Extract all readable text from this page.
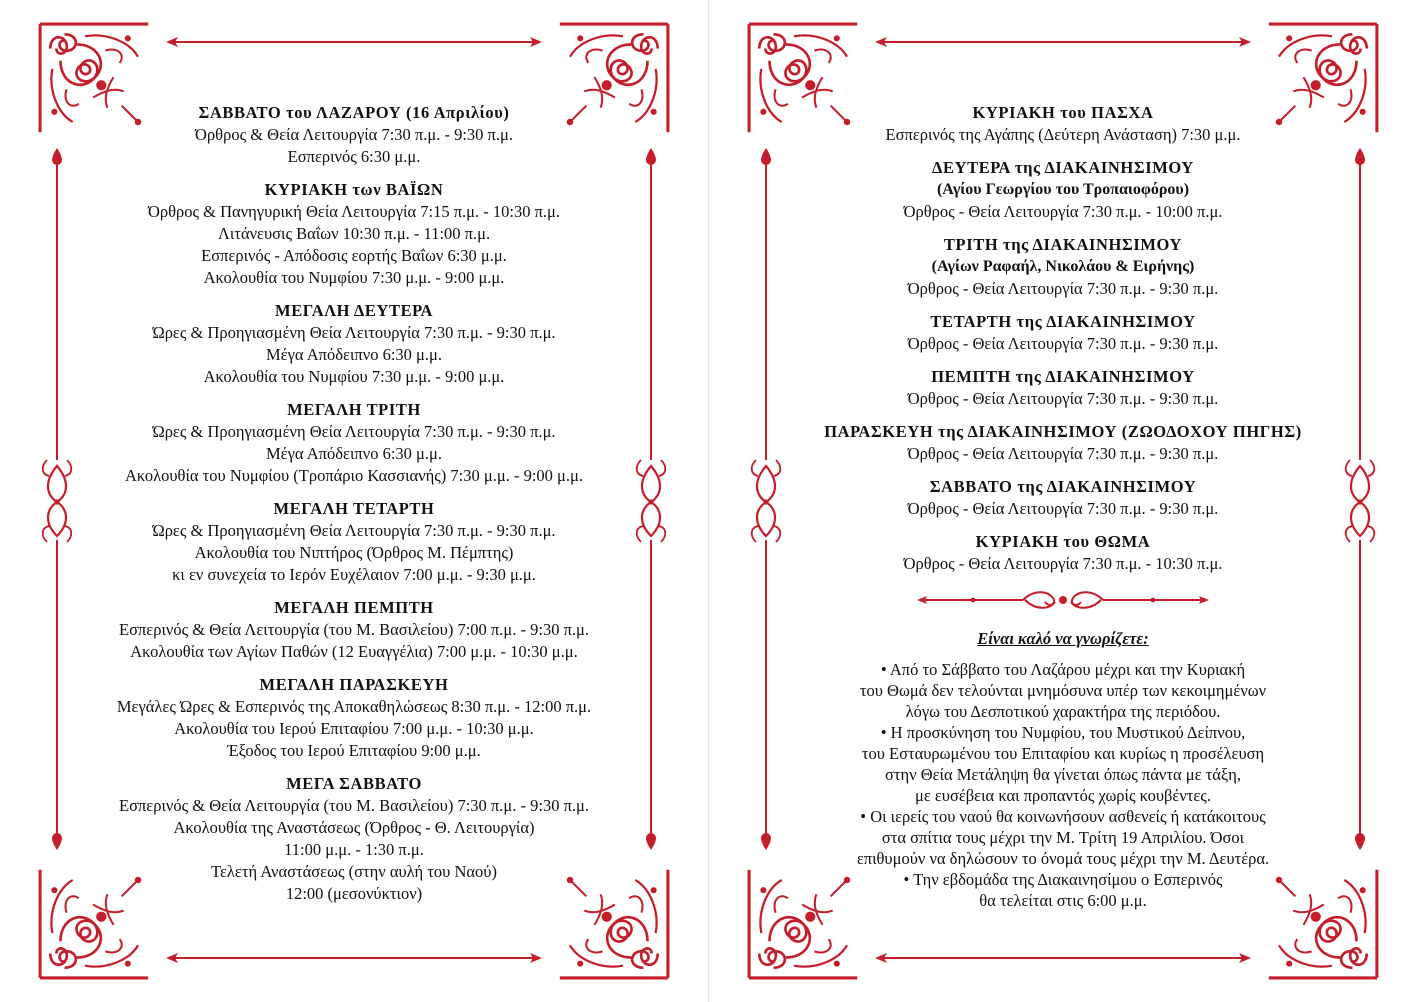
ΣΑΒΒΑΤΟ του ΛΑΖΑΡΟΥ (16 Απριλίου)
Όρθρος & Θεία Λειτουργία 7:30 π.μ. - 9:30 π.μ.
Εσπερινός 6:30 μ.μ.
ΚΥΡΙΑΚΗ των ΒΑΪΩΝ
Όρθρος & Πανηγυρική Θεία Λειτουργία 7:15 π.μ. - 10:30 π.μ.
Λιτάνευσις Βαΐων 10:30 π.μ. - 11:00 π.μ.
Εσπερινός - Απόδοσις εορτής Βαΐων 6:30 μ.μ.
Ακολουθία του Νυμφίου 7:30 μ.μ. - 9:00 μ.μ.
ΜΕΓΑΛΗ ΔΕΥΤΕΡΑ
Ώρες & Προηγιασμένη Θεία Λειτουργία 7:30 π.μ. - 9:30 π.μ.
Μέγα Απόδειπνο 6:30 μ.μ.
Ακολουθία του Νυμφίου 7:30 μ.μ. - 9:00 μ.μ.
ΜΕΓΑΛΗ ΤΡΙΤΗ
Ώρες & Προηγιασμένη Θεία Λειτουργία 7:30 π.μ. - 9:30 π.μ.
Μέγα Απόδειπνο 6:30 μ.μ.
Ακολουθία του Νυμφίου (Τροπάριο Κασσιανής) 7:30 μ.μ. - 9:00 μ.μ.
ΜΕΓΑΛΗ ΤΕΤΑΡΤΗ
Ώρες & Προηγιασμένη Θεία Λειτουργία 7:30 π.μ. - 9:30 π.μ.
Ακολουθία του Νιπτήρος (Όρθρος Μ. Πέμπτης)
κι εν συνεχεία το Ιερόν Ευχέλαιον 7:00 μ.μ. - 9:30 μ.μ.
ΜΕΓΑΛΗ ΠΕΜΠΤΗ
Εσπερινός & Θεία Λειτουργία (του Μ. Βασιλείου) 7:00 π.μ. - 9:30 π.μ.
Ακολουθία των Αγίων Παθών (12 Ευαγγέλια) 7:00 μ.μ. - 10:30 μ.μ.
ΜΕΓΑΛΗ ΠΑΡΑΣΚΕΥΗ
Μεγάλες Ώρες & Εσπερινός της Αποκαθηλώσεως 8:30 π.μ. - 12:00 π.μ.
Ακολουθία του Ιερού Επιταφίου 7:00 μ.μ. - 10:30 μ.μ.
Έξοδος του Ιερού Επιταφίου 9:00 μ.μ.
ΜΕΓΑ ΣΑΒΒΑΤΟ
Εσπερινός & Θεία Λειτουργία (του Μ. Βασιλείου) 7:30 π.μ. - 9:30 π.μ.
Ακολουθία της Αναστάσεως (Όρθρος - Θ. Λειτουργία)
11:00 μ.μ. - 1:30 π.μ.
Τελετή Αναστάσεως (στην αυλή του Ναού)
12:00 (μεσονύκτιον)
ΚΥΡΙΑΚΗ του ΠΑΣΧΑ
Εσπερινός της Αγάπης (Δεύτερη Ανάσταση) 7:30 μ.μ.
ΔΕΥΤΕΡΑ της ΔΙΑΚΑΙΝΗΣΙΜΟΥ
(Αγίου Γεωργίου του Τροπαιοφόρου)
Όρθρος - Θεία Λειτουργία 7:30 π.μ. - 10:00 π.μ.
ΤΡΙΤΗ της ΔΙΑΚΑΙΝΗΣΙΜΟΥ
(Αγίων Ραφαήλ, Νικολάου & Ειρήνης)
Όρθρος - Θεία Λειτουργία 7:30 π.μ. - 9:30 π.μ.
ΤΕΤΑΡΤΗ της ΔΙΑΚΑΙΝΗΣΙΜΟΥ
Όρθρος - Θεία Λειτουργία 7:30 π.μ. - 9:30 π.μ.
ΠΕΜΠΤΗ της ΔΙΑΚΑΙΝΗΣΙΜΟΥ
Όρθρος - Θεία Λειτουργία 7:30 π.μ. - 9:30 π.μ.
ΠΑΡΑΣΚΕΥΗ της ΔΙΑΚΑΙΝΗΣΙΜΟΥ (ΖΩΟΔΟΧΟΥ ΠΗΓΗΣ)
Όρθρος - Θεία Λειτουργία 7:30 π.μ. - 9:30 π.μ.
ΣΑΒΒΑΤΟ της ΔΙΑΚΑΙΝΗΣΙΜΟΥ
Όρθρος - Θεία Λειτουργία 7:30 π.μ. - 9:30 π.μ.
ΚΥΡΙΑΚΗ του ΘΩΜΑ
Όρθρος - Θεία Λειτουργία 7:30 π.μ. - 10:30 π.μ.
Είναι καλό να γνωρίζετε:
• Από το Σάββατο του Λαζάρου μέχρι και την Κυριακή
του Θωμά δεν τελούνται μνημόσυνα υπέρ των κεκοιμημένων
λόγω του Δεσποτικού χαρακτήρα της περιόδου.
• Η προσκύνηση του Νυμφίου, του Μυστικού Δείπνου,
του Εσταυρωμένου του Επιταφίου και κυρίως η προσέλευση
στην Θεία Μετάληψη θα γίνεται όπως πάντα με τάξη,
με ευσέβεια και προπαντός χωρίς κουβέντες.
• Οι ιερείς του ναού θα κοινωνήσουν ασθενείς ή κατάκοιτους
στα σπίτια τους μέχρι την Μ. Τρίτη 19 Απριλίου. Όσοι
επιθυμούν να δηλώσουν το όνομά τους μέχρι την Μ. Δευτέρα.
• Την εβδομάδα της Διακαινησίμου ο Εσπερινός
θα τελείται στις 6:00 μ.μ.
